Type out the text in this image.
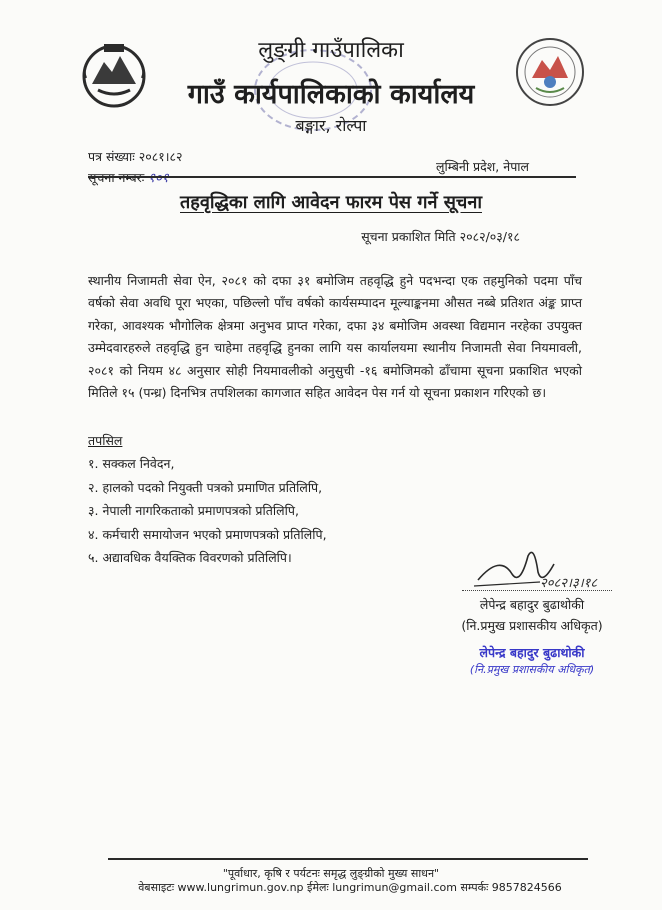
लुङ्ग्री गाउँपालिका
गाउँ कार्यपालिकाको कार्यालय
बङ्गार, रोल्पा
पत्र संख्याः २०८१।८२
सूचना नम्बरः १०१
लुम्बिनी प्रदेश, नेपाल
तहवृद्धिका लागि आवेदन फारम पेस गर्ने सूचना
सूचना प्रकाशित मिति २०८२/०३/१८
स्थानीय निजामती सेवा ऐन, २०८१ को दफा ३१ बमोजिम तहवृद्धि हुने पदभन्दा एक तहमुनिको पदमा पाँच वर्षको सेवा अवधि पूरा भएका, पछिल्लो पाँच वर्षको कार्यसम्पादन मूल्याङ्कनमा औसत नब्बे प्रतिशत अंङ्क प्राप्त गरेका, आवश्यक भौगोलिक क्षेत्रमा अनुभव प्राप्त गरेका, दफा ३४ बमोजिम अवस्था विद्यमान नरहेका उपयुक्त उम्मेदवारहरुले तहवृद्धि हुन चाहेमा तहवृद्धि हुनका लागि यस कार्यालयमा स्थानीय निजामती सेवा नियमावली, २०८१ को नियम ४८ अनुसार सोही नियमावलीको अनुसुची -१६ बमोजिमको ढाँचामा सूचना प्रकाशित भएको मितिले १५ (पन्ध्र) दिनभित्र तपशिलका कागजात सहित आवेदन पेस गर्न यो सूचना प्रकाशन गरिएको छ।
तपसिल
१. सक्कल निवेदन,
२. हालको पदको नियुक्ती पत्रको प्रमाणित प्रतिलिपि,
३. नेपाली नागरिकताको प्रमाणपत्रको प्रतिलिपि,
४. कर्मचारी समायोजन भएको प्रमाणपत्रको प्रतिलिपि,
५. अद्यावधिक वैयक्तिक विवरणको प्रतिलिपि।
२०८२।३।१८
लेपेन्द्र बहादुर बुढाथोकी
(नि.प्रमुख प्रशासकीय अधिकृत)
लेपेन्द्र बहादुर बुढाथोकी
(नि.प्रमुख प्रशासकीय अधिकृत)
"पूर्वाधार, कृषि र पर्यटनः समृद्ध लुङ्ग्रीको मुख्य साधन"
वेबसाइटः www.lungrimun.gov.np ईमेलः lungrimun@gmail.com सम्पर्कः 9857824566
